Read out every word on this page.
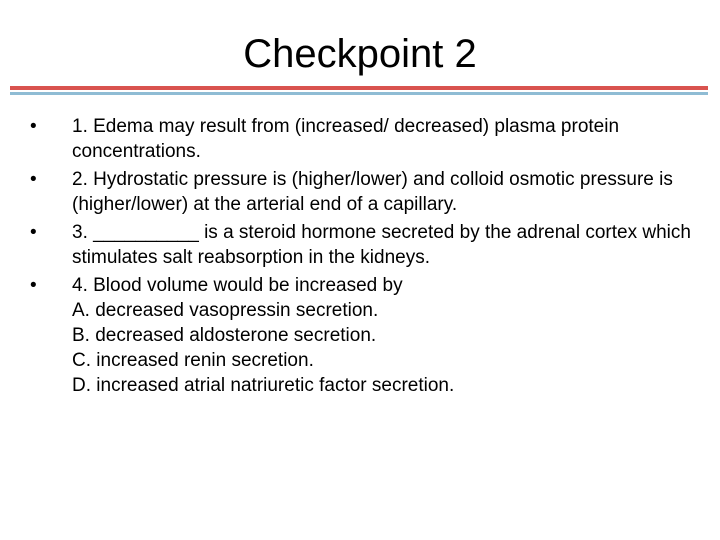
Checkpoint 2
•	1. Edema may result from (increased/ decreased) plasma protein concentrations.
•	2. Hydrostatic pressure is (higher/lower) and colloid osmotic pressure is (higher/lower) at the arterial end of a capillary.
•	3. __________ is a steroid hormone secreted by the adrenal cortex which stimulates salt reabsorption in the kidneys.
•	4. Blood volume would be increased by
A. decreased vasopressin secretion.
B. decreased aldosterone secretion.
C. increased renin secretion.
D. increased atrial natriuretic factor secretion.
